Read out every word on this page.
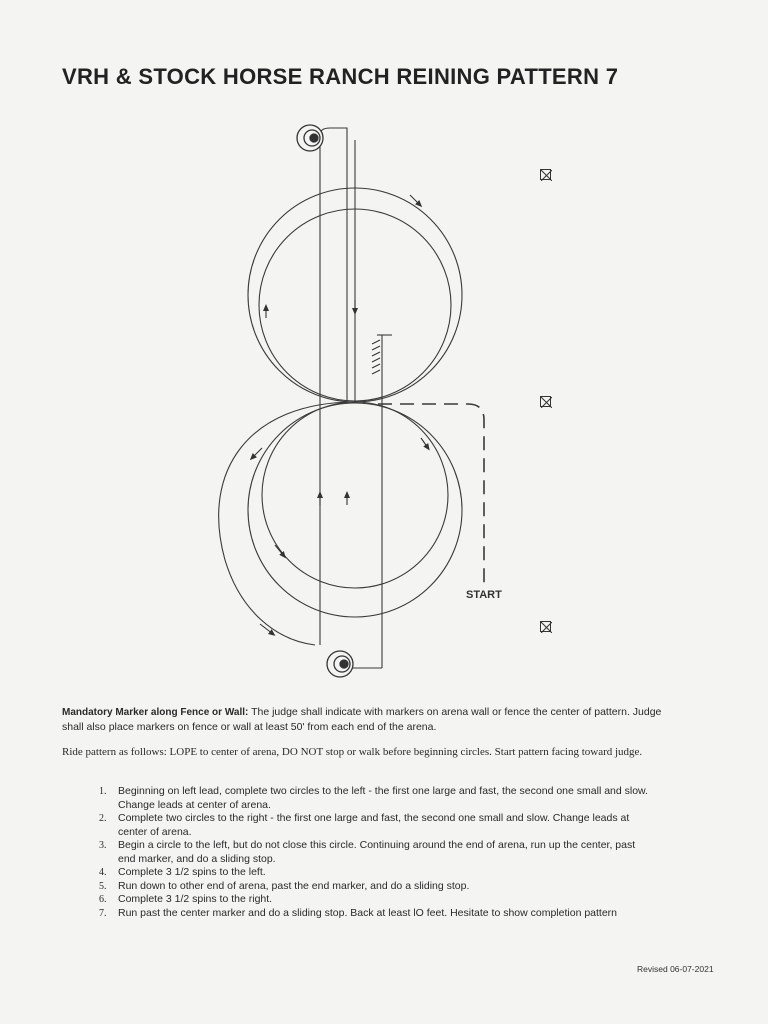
VRH & STOCK HORSE RANCH REINING PATTERN 7
START
Mandatory Marker along Fence or Wall: The judge shall indicate with markers on arena wall or fence the center of pattern. Judge shall also place markers on fence or wall at least 50' from each end of the arena.
Ride pattern as follows: LOPE to center of arena, DO NOT stop or walk before beginning circles. Start pattern facing toward judge.
1. Beginning on left lead, complete two circles to the left - the first one large and fast, the second one small and slow. Change leads at center of arena.
2. Complete two circles to the right - the first one large and fast, the second one small and slow. Change leads at center of arena.
3. Begin a circle to the left, but do not close this circle. Continuing around the end of arena, run up the center, past end marker, and do a sliding stop.
4. Complete 3 1/2 spins to the left.
5. Run down to other end of arena, past the end marker, and do a sliding stop.
6. Complete 3 1/2 spins to the right.
7. Run past the center marker and do a sliding stop. Back at least lO feet. Hesitate to show completion pattern
Revised 06-07-2021
